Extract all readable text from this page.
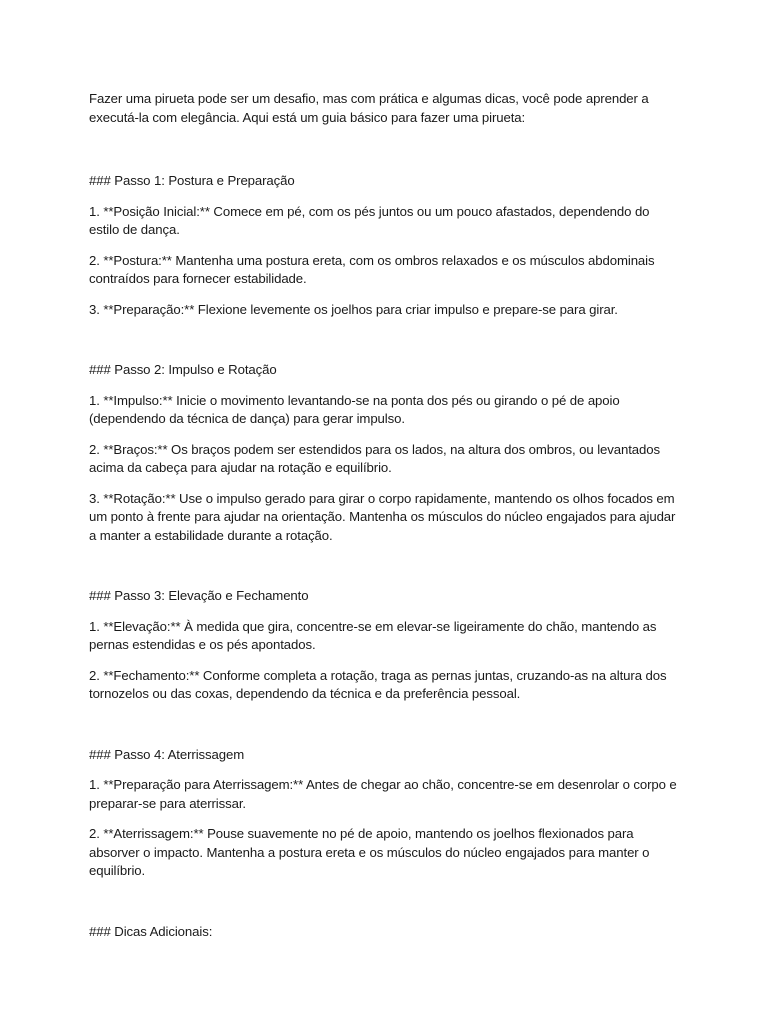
Fazer uma pirueta pode ser um desafio, mas com prática e algumas dicas, você pode aprender a executá-la com elegância. Aqui está um guia básico para fazer uma pirueta:

### Passo 1: Postura e Preparação

1. **Posição Inicial:** Comece em pé, com os pés juntos ou um pouco afastados, dependendo do estilo de dança.

2. **Postura:** Mantenha uma postura ereta, com os ombros relaxados e os músculos abdominais contraídos para fornecer estabilidade.

3. **Preparação:** Flexione levemente os joelhos para criar impulso e prepare-se para girar.

### Passo 2: Impulso e Rotação

1. **Impulso:** Inicie o movimento levantando-se na ponta dos pés ou girando o pé de apoio (dependendo da técnica de dança) para gerar impulso.

2. **Braços:** Os braços podem ser estendidos para os lados, na altura dos ombros, ou levantados acima da cabeça para ajudar na rotação e equilíbrio.

3. **Rotação:** Use o impulso gerado para girar o corpo rapidamente, mantendo os olhos focados em um ponto à frente para ajudar na orientação. Mantenha os músculos do núcleo engajados para ajudar a manter a estabilidade durante a rotação.

### Passo 3: Elevação e Fechamento

1. **Elevação:** À medida que gira, concentre-se em elevar-se ligeiramente do chão, mantendo as pernas estendidas e os pés apontados.

2. **Fechamento:** Conforme completa a rotação, traga as pernas juntas, cruzando-as na altura dos tornozelos ou das coxas, dependendo da técnica e da preferência pessoal.

### Passo 4: Aterrissagem

1. **Preparação para Aterrissagem:** Antes de chegar ao chão, concentre-se em desenrolar o corpo e preparar-se para aterrissar.

2. **Aterrissagem:** Pouse suavemente no pé de apoio, mantendo os joelhos flexionados para absorver o impacto. Mantenha a postura ereta e os músculos do núcleo engajados para manter o equilíbrio.

### Dicas Adicionais:
